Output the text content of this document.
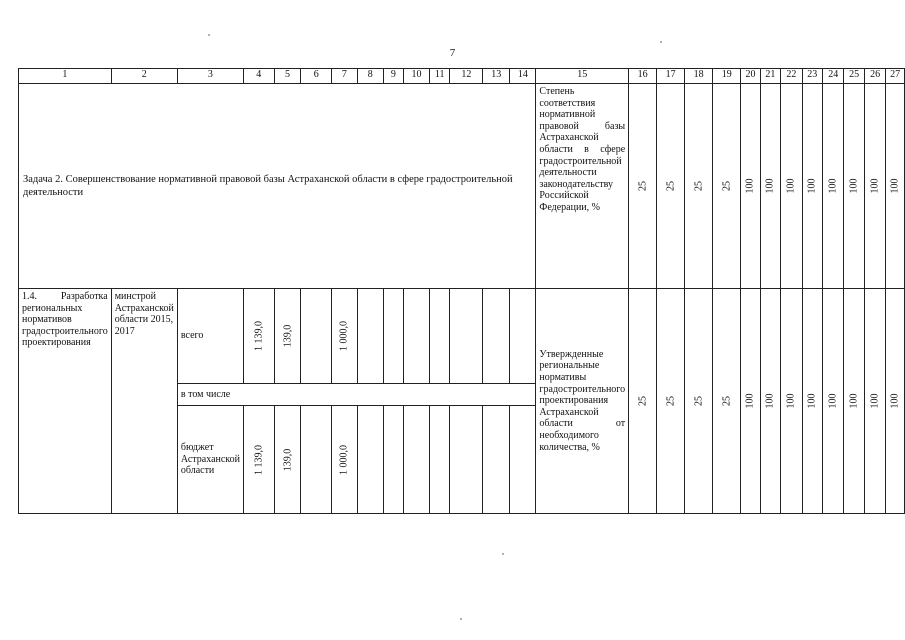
7
1	2	3	4	5	6	7	8	9	10	11	12	13	14	15	16	17	18	19	20	21	22	23	24	25	26	27
Задача 2. Совершенствование нормативной правовой базы Астраханской области в сфере градостроительной деятельности														Степень соответствия нормативной правовой базы Астраханской области в сфере градостроительной деятельности законодательству Российской Федерации, %	25	25	25	25	100	100	100	100	100	100	100	100

1.4. Разработка региональных нормативов градостроительного проектирования	минстрой Астраханской области 2015, 2017	всего	1 139,0	139,0		1 000,0								Утвержденные региональные нормативы градостроительного проектирования Астраханской области от необходимого количества, %	25	25	25	25	100	100	100	100	100	100	100	100

		в том числе																								
		бюджет Астраханской области	1 139,0	139,0		1 000,0																				
